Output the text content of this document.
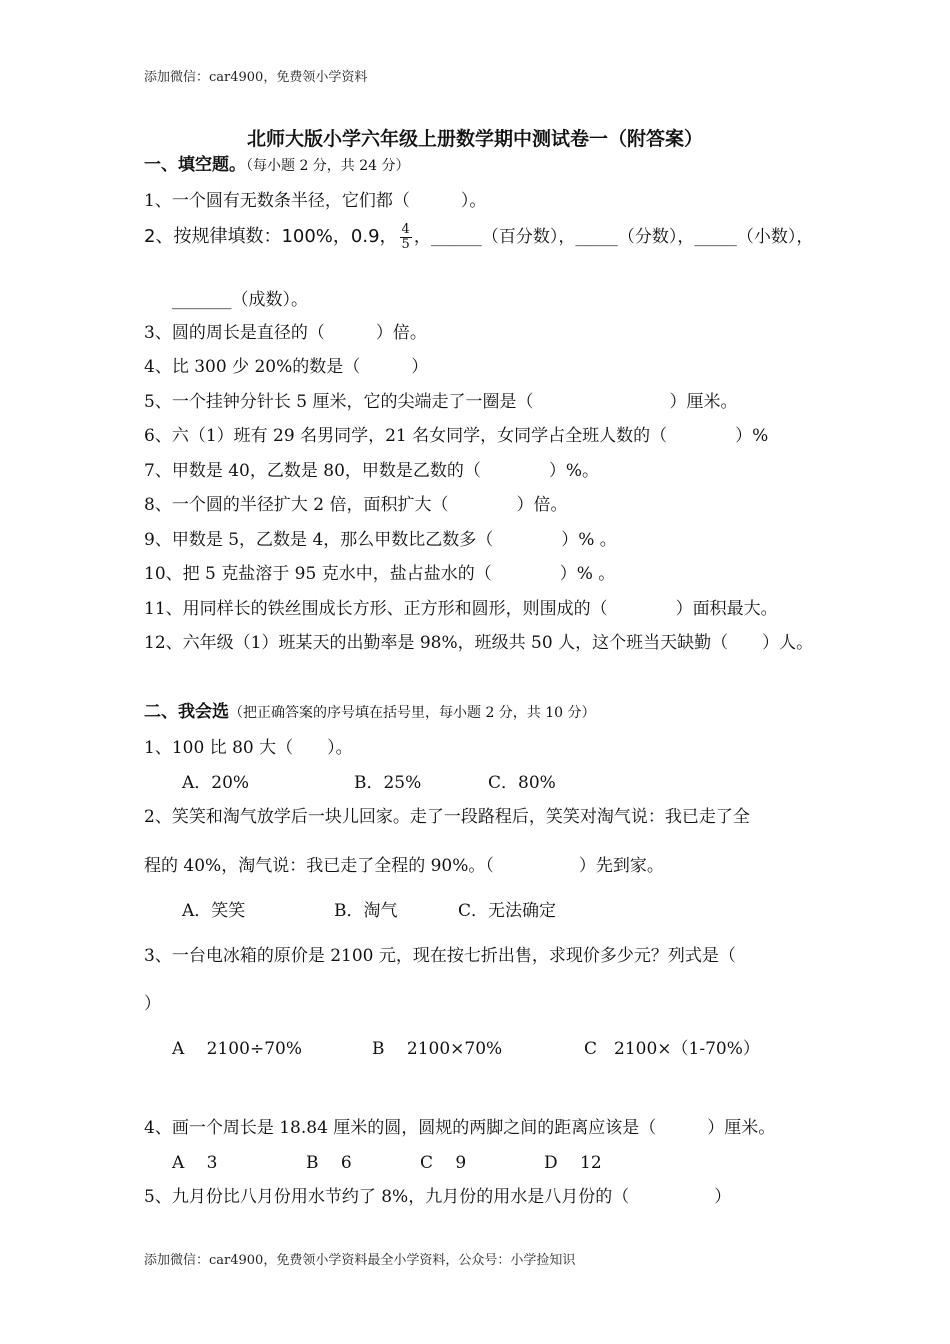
添加微信：car4900，免费领小学资料
北师大版小学六年级上册数学期中测试卷一（附答案）
一、填空题。（每小题 2 分，共 24 分）
1、一个圆有无数条半径，它们都（　　　）。
2、按规律填数：100%，0.9， $\frac{4}{5}$ ，______（百分数），_____（分数），_____（小数），
_______（成数）。
3、圆的周长是直径的（　　　）倍。
4、比 300 少 20%的数是（　　　）
5、一个挂钟分针长 5 厘米，它的尖端走了一圈是（　　　　　　　　）厘米。
6、六（1）班有 29 名男同学，21 名女同学，女同学占全班人数的（　　　　）%
7、甲数是 40，乙数是 80，甲数是乙数的（　　　　）%。
8、一个圆的半径扩大 2 倍，面积扩大（　　　　）倍。
9、甲数是 5，乙数是 4，那么甲数比乙数多（　　　　）% 。
10、把 5 克盐溶于 95 克水中，盐占盐水的（　　　　）% 。
11、用同样长的铁丝围成长方形、正方形和圆形，则围成的（　　　　）面积最大。
12、六年级（1）班某天的出勤率是 98%，班级共 50 人，这个班当天缺勤（　　）人。
二、我会选（把正确答案的序号填在括号里，每小题 2 分，共 10 分）
1、100 比 80 大（　　）。
A．20%	B．25%	C．80%
2、笑笑和淘气放学后一块儿回家。走了一段路程后，笑笑对淘气说：我已走了全
程的 40%，淘气说：我已走了全程的 90%。（　　　　　）先到家。
A．笑笑	B．淘气	C．无法确定
3、一台电冰箱的原价是 2100 元，现在按七折出售，求现价多少元？列式是（
）
A　 2100÷70%	B　 2100×70%	C　2100×（1-70%）
4、画一个周长是 18.84 厘米的圆，圆规的两脚之间的距离应该是（　　　）厘米。
A　 3	B　 6	C　 9	D　 12
5、九月份比八月份用水节约了 8%，九月份的用水是八月份的（　　　　　）
添加微信：car4900，免费领小学资料最全小学资料，公众号：小学捡知识
